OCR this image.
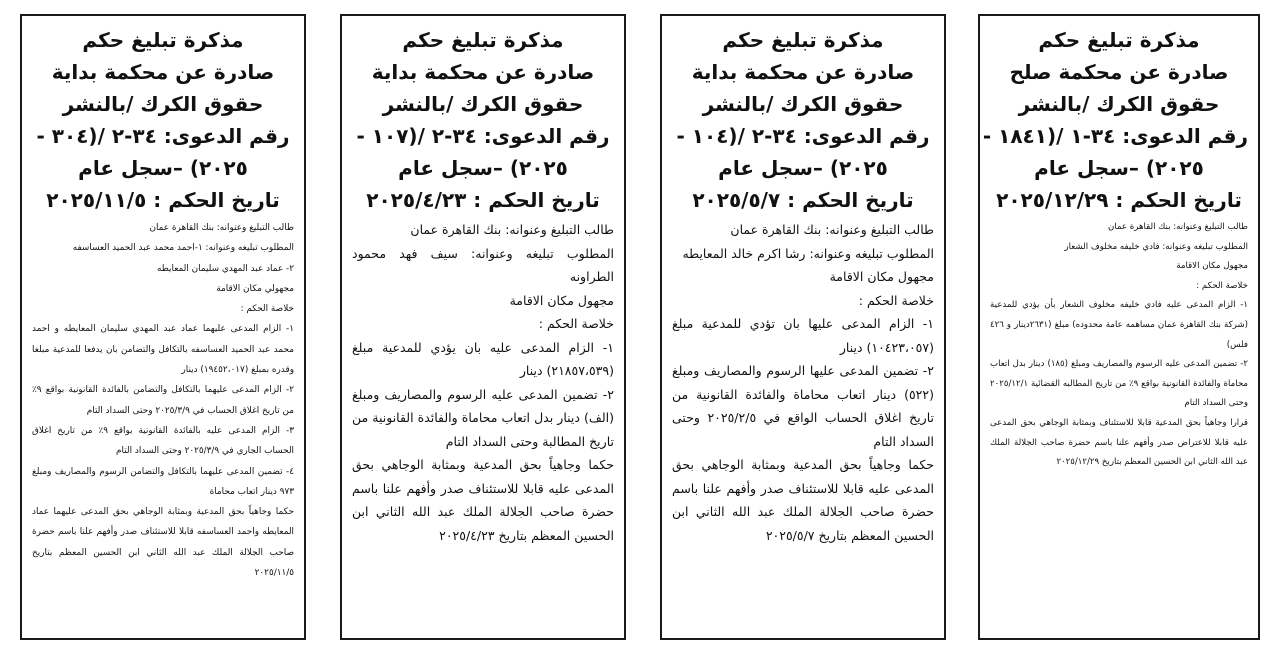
مذكرة تبليغ حكم
صادرة عن محكمة صلح
حقوق الكرك /بالنشر
رقم الدعوى: ٣٤-١ /(١٨٤١ -
٢٠٢٥) –سجل عام
تاريخ الحكم : ٢٠٢٥/١٢/٢٩

طالب التبليغ وعنوانه: بنك القاهرة عمان

المطلوب تبليغه وعنوانه: فادي خليفه مخلوف الشعار

مجهول مكان الاقامة

خلاصة الحكم :

١- الزام المدعى عليه فادي خليفه مخلوف الشعار بأن يؤدي للمدعية (شركة بنك القاهرة عمان مساهمه عامة محدوده) مبلغ (٢٦٣١دينار و ٤٢٦ فلس)

٢- تضمين المدعى عليه الرسوم والمصاريف ومبلغ (١٨٥) دينار بدل اتعاب محاماة والفائدة القانونية بواقع ٩٪ من تاريخ المطالبه القضائية ٢٠٢٥/١٢/١ وحتى السداد التام

قرارا وجاهياً بحق المدعية قابلا للاستئناف وبمثابة الوجاهي بحق المدعى عليه قابلا للاعتراض صدر وأفهم علنا باسم حضرة صاحب الجلالة الملك عبد الله الثاني ابن الحسين المعظم بتاريخ ٢٠٢٥/١٢/٢٩

مذكرة تبليغ حكم
صادرة عن محكمة بداية
حقوق الكرك /بالنشر
رقم الدعوى: ٣٤-٢ /(١٠٤ -
٢٠٢٥) –سجل عام
تاريخ الحكم : ٢٠٢٥/٥/٧

طالب التبليغ وعنوانه: بنك القاهرة عمان

المطلوب تبليغه وعنوانه: رشا اكرم خالد المعايطه

مجهول مكان الاقامة

خلاصة الحكم :

١- الزام المدعى عليها بان تؤدي للمدعية مبلغ (١٠٤٢٣،٠٥٧) دينار

٢- تضمين المدعى عليها الرسوم والمصاريف ومبلغ (٥٢٢) دينار اتعاب محاماة والفائدة القانونية من تاريخ اغلاق الحساب الواقع في ٢٠٢٥/٢/٥ وحتى السداد التام

حكما وجاهياً بحق المدعية وبمثابة الوجاهي بحق المدعى عليه قابلا للاستئناف صدر وأفهم علنا باسم حضرة صاحب الجلالة الملك عبد الله الثاني ابن الحسين المعظم بتاريخ ٢٠٢٥/٥/٧

مذكرة تبليغ حكم
صادرة عن محكمة بداية
حقوق الكرك /بالنشر
رقم الدعوى: ٣٤-٢ /(١٠٧ -
٢٠٢٥) –سجل عام
تاريخ الحكم : ٢٠٢٥/٤/٢٣

طالب التبليغ وعنوانه: بنك القاهرة عمان

المطلوب تبليغه وعنوانه: سيف فهد محمود الطراونه

مجهول مكان الاقامة

خلاصة الحكم :

١- الزام المدعى عليه بان يؤدي للمدعية مبلغ (٢١٨٥٧،٥٣٩) دينار

٢- تضمين المدعى عليه الرسوم والمصاريف ومبلغ (الف) دينار بدل اتعاب محاماة والفائدة القانونية من تاريخ المطالبة وحتى السداد التام

حكما وجاهياً بحق المدعية وبمثابة الوجاهي بحق المدعى عليه قابلا للاستئناف صدر وأفهم علنا باسم حضرة صاحب الجلالة الملك عبد الله الثاني ابن الحسين المعظم بتاريخ ٢٠٢٥/٤/٢٣

مذكرة تبليغ حكم
صادرة عن محكمة بداية
حقوق الكرك /بالنشر
رقم الدعوى: ٣٤-٢ /(٣٠٤ -
٢٠٢٥) –سجل عام
تاريخ الحكم : ٢٠٢٥/١١/٥

طالب التبليغ وعنوانه: بنك القاهرة عمان

المطلوب تبليغه وعنوانه: ١-احمد محمد عبد الحميد العساسفه

٢- عماد عبد المهدي سليمان المعايطه

مجهولي مكان الاقامة

خلاصة الحكم :

١- الزام المدعى عليهما عماد عبد المهدي سليمان المعايطه و احمد محمد عبد الحميد العساسفه بالتكافل والتضامن بان يدفعا للمدعية مبلغا وقدره بمبلغ (١٩٤٥٢،٠١٧) دينار

٢- الزام المدعى عليهما بالتكافل والتضامن بالفائدة القانونية بواقع ٩٪ من تاريخ اغلاق الحساب في ٢٠٢٥/٣/٩ وحتى السداد التام

٣- الزام المدعى عليه بالفائدة القانونية بواقع ٩٪ من تاريخ اغلاق الحساب الجاري في ٢٠٢٥/٣/٩ وحتى السداد التام

٤- تضمين المدعى عليهما بالتكافل والتضامن الرسوم والمصاريف ومبلغ ٩٧٣ دينار اتعاب محاماة

حكما وجاهياً بحق المدعية وبمثابة الوجاهي بحق المدعى عليهما عماد المعايطه واحمد العساسفه قابلا للاستئناف صدر وأفهم علنا باسم حضرة صاحب الجلالة الملك عبد الله الثاني ابن الحسين المعظم بتاريخ ٢٠٢٥/١١/٥
